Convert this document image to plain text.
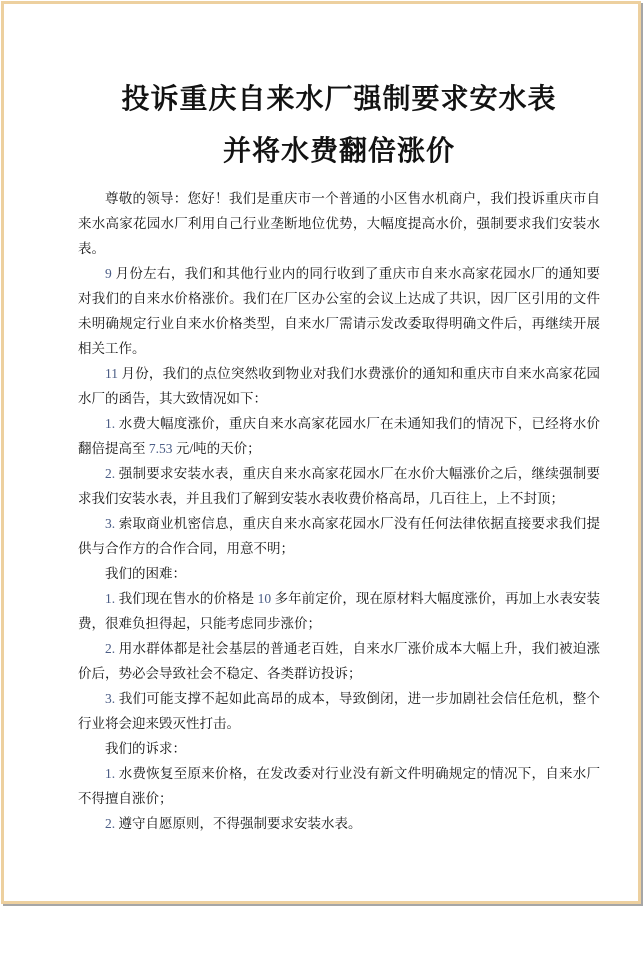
投诉重庆自来水厂强制要求安水表
并将水费翻倍涨价

尊敬的领导：您好！我们是重庆市一个普通的小区售水机商户，我们投诉重庆市自来水高家花园水厂利用自己行业垄断地位优势，大幅度提高水价，强制要求我们安装水表。

9 月份左右，我们和其他行业内的同行收到了重庆市自来水高家花园水厂的通知要对我们的自来水价格涨价。我们在厂区办公室的会议上达成了共识，因厂区引用的文件未明确规定行业自来水价格类型，自来水厂需请示发改委取得明确文件后，再继续开展相关工作。

11 月份，我们的点位突然收到物业对我们水费涨价的通知和重庆市自来水高家花园水厂的函告，其大致情况如下：

1. 水费大幅度涨价，重庆自来水高家花园水厂在未通知我们的情况下，已经将水价翻倍提高至 7.53 元/吨的天价；

2. 强制要求安装水表，重庆自来水高家花园水厂在水价大幅涨价之后，继续强制要求我们安装水表，并且我们了解到安装水表收费价格高昂，几百往上，上不封顶；

3. 索取商业机密信息，重庆自来水高家花园水厂没有任何法律依据直接要求我们提供与合作方的合作合同，用意不明；

我们的困难：

1. 我们现在售水的价格是 10 多年前定价，现在原材料大幅度涨价，再加上水表安装费，很难负担得起，只能考虑同步涨价；

2. 用水群体都是社会基层的普通老百姓，自来水厂涨价成本大幅上升，我们被迫涨价后，势必会导致社会不稳定、各类群访投诉；

3. 我们可能支撑不起如此高昂的成本，导致倒闭，进一步加剧社会信任危机，整个行业将会迎来毁灭性打击。

我们的诉求：

1. 水费恢复至原来价格，在发改委对行业没有新文件明确规定的情况下，自来水厂不得擅自涨价；

2. 遵守自愿原则，不得强制要求安装水表。
